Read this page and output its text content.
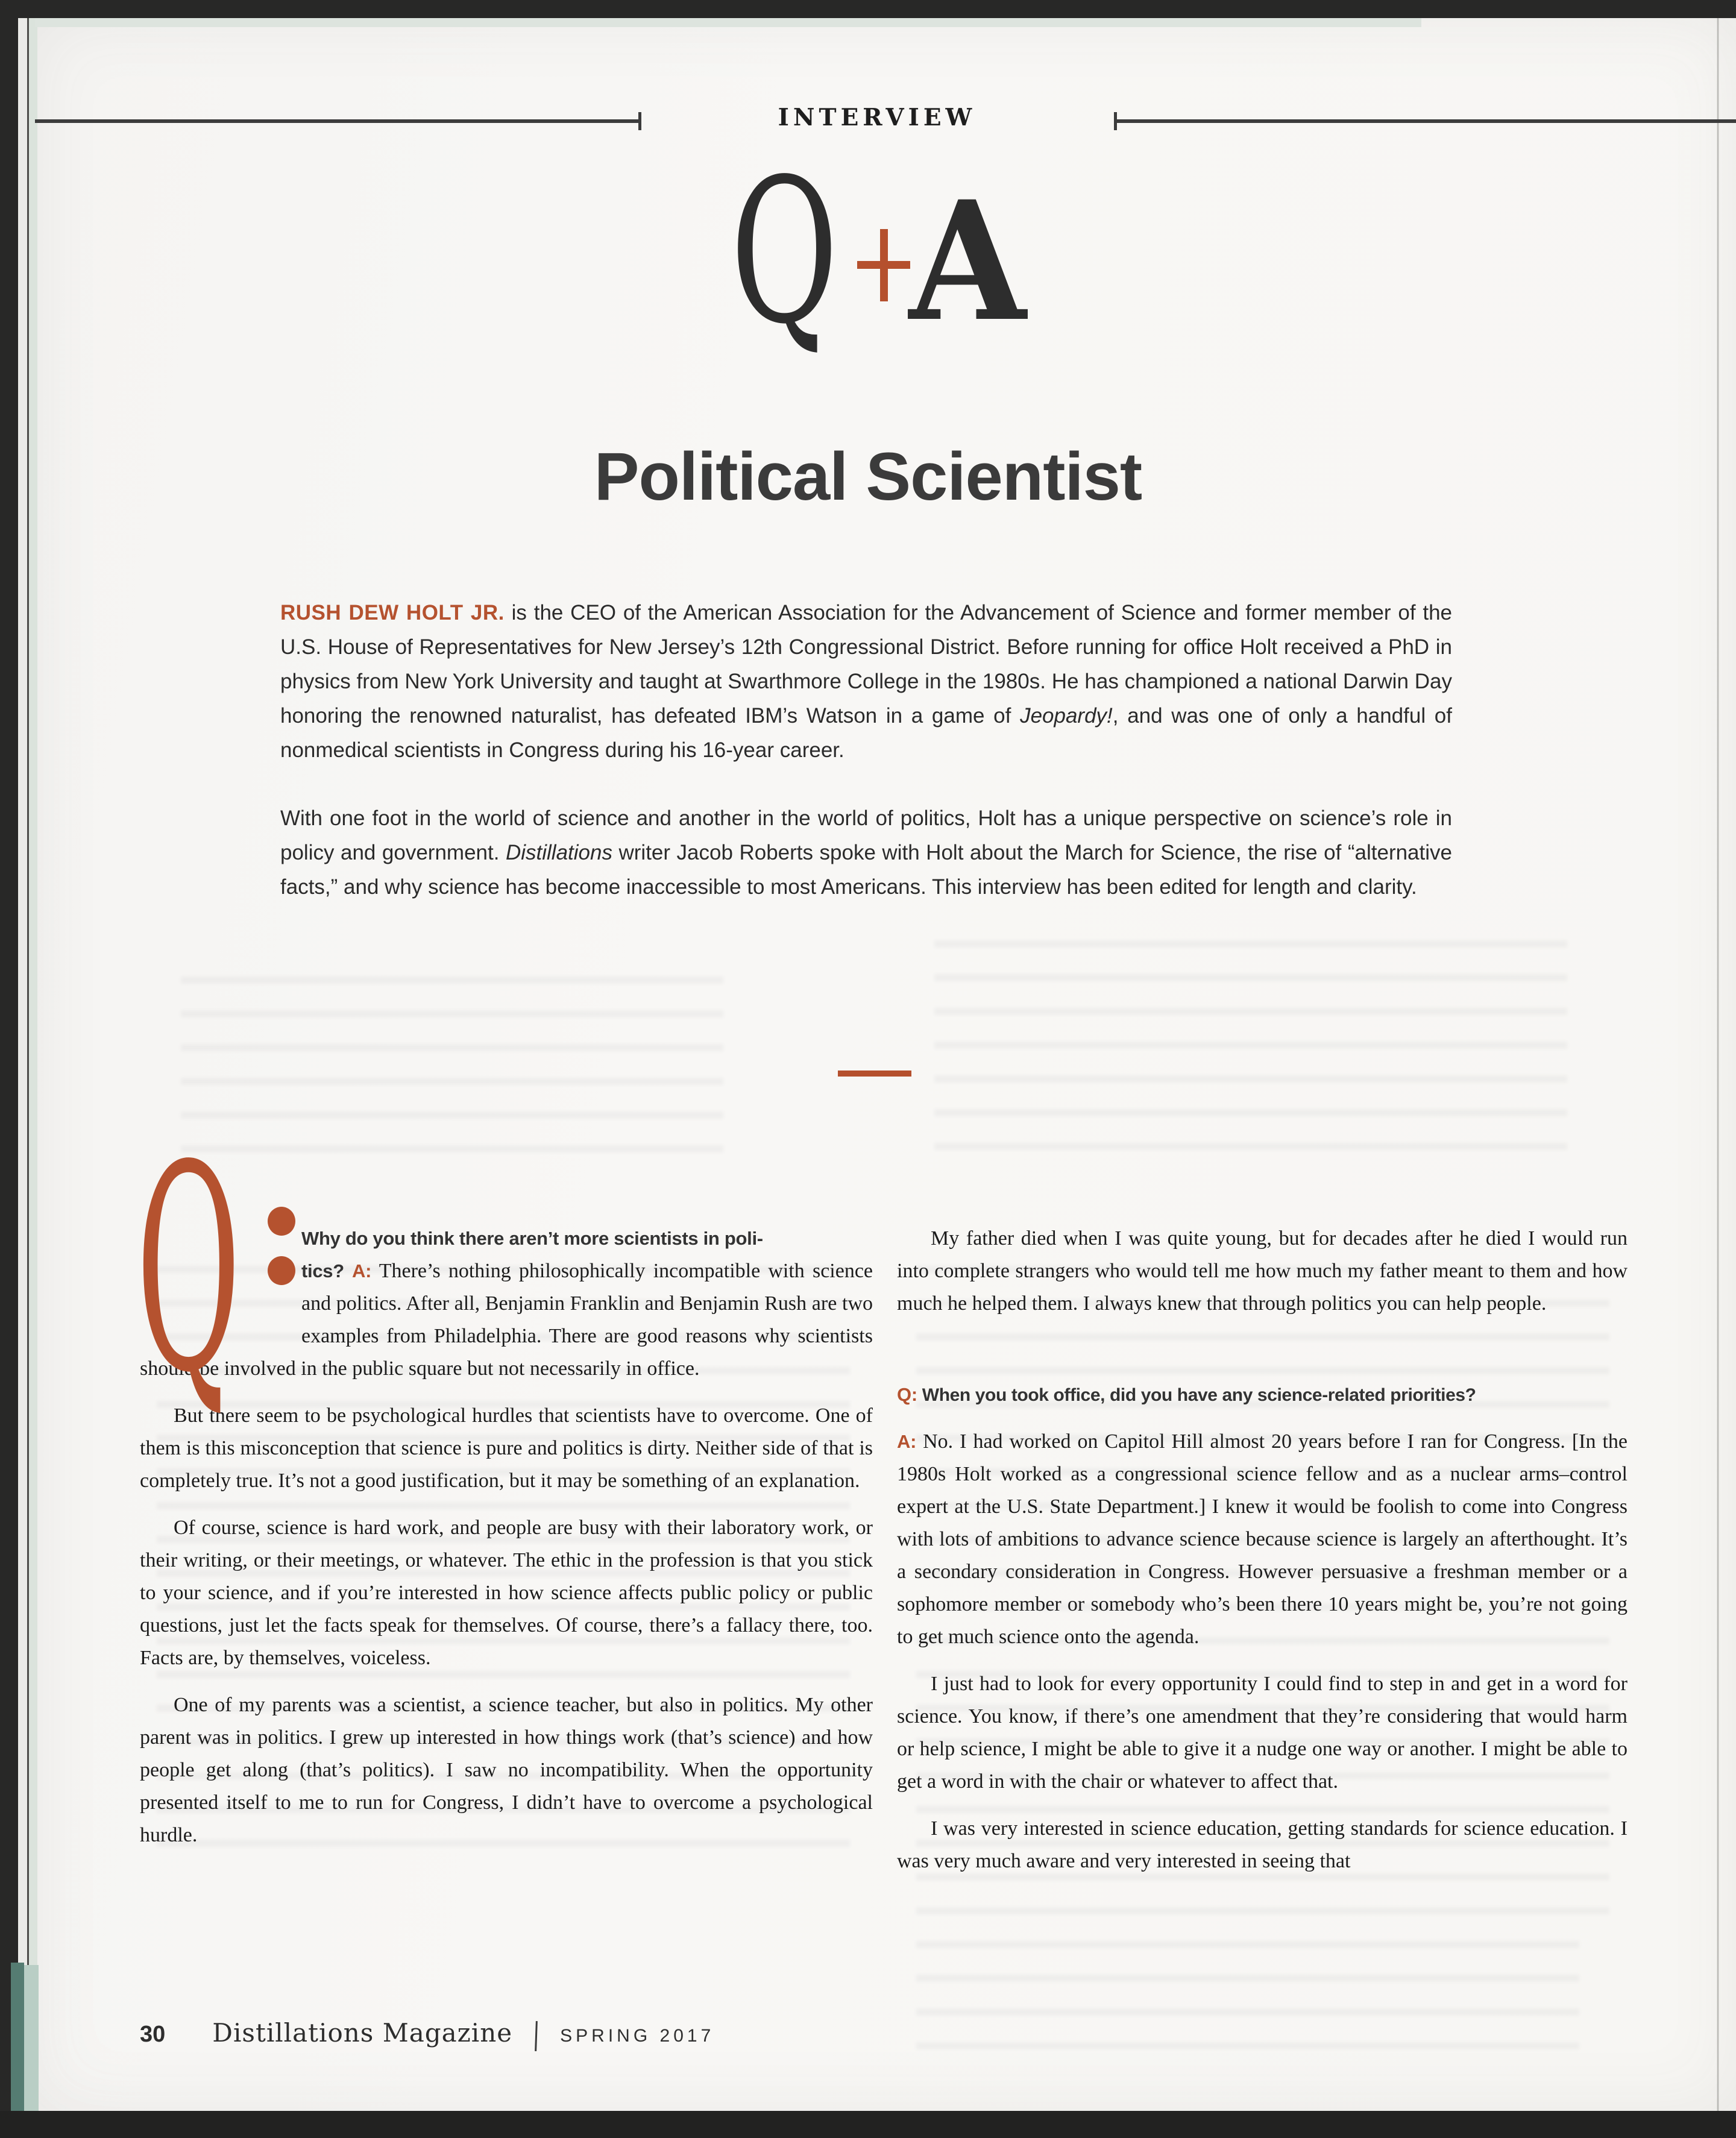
INTERVIEW
Q A
Political Scientist

RUSH DEW HOLT JR. is the CEO of the American Association for the Advancement of Science and former member of the U.S. House of Representatives for New Jersey’s 12th Congressional District. Before running for office Holt received a PhD in physics from New York University and taught at Swarthmore College in the 1980s. He has championed a national Darwin Day honoring the renowned naturalist, has defeated IBM’s Watson in a game of Jeopardy!, and was one of only a handful of nonmedical scientists in Congress during his 16-year career.

With one foot in the world of science and another in the world of politics, Holt has a unique perspective on science’s role in policy and government. Distillations writer Jacob Roberts spoke with Holt about the March for Science, the rise of “alternative facts,” and why science has become inaccessible to most Americans. This interview has been edited for length and clarity.

Q	Why do you think there aren’t more scientists in poli-
tics? A: There’s nothing philosophically incompatible with science and politics. After all, Benjamin Franklin and Benjamin Rush are two examples from Philadelphia. There are good reasons why scientists should be involved in the public square but not necessarily in office.

But there seem to be psychological hurdles that scientists have to overcome. One of them is this misconception that science is pure and politics is dirty. Neither side of that is completely true. It’s not a good justification, but it may be something of an explanation.

Of course, science is hard work, and people are busy with their laboratory work, or their writing, or their meetings, or whatever. The ethic in the profession is that you stick to your science, and if you’re interested in how science affects public policy or public questions, just let the facts speak for themselves. Of course, there’s a fallacy there, too. Facts are, by themselves, voiceless.

One of my parents was a scientist, a science teacher, but also in politics. My other parent was in politics. I grew up interested in how things work (that’s science) and how people get along (that’s politics). I saw no incompatibility. When the opportunity presented itself to me to run for Congress, I didn’t have to overcome a psychological hurdle.

My father died when I was quite young, but for decades after he died I would run into complete strangers who would tell me how much my father meant to them and how much he helped them. I always knew that through politics you can help people.

Q: When you took office, did you have any science-related priorities?

A: No. I had worked on Capitol Hill almost 20 years before I ran for Congress. [In the 1980s Holt worked as a congressional science fellow and as a nuclear arms–control expert at the U.S. State Department.] I knew it would be foolish to come into Congress with lots of ambitions to advance science because science is largely an afterthought. It’s a secondary consideration in Congress. However persuasive a freshman member or a sophomore member or somebody who’s been there 10 years might be, you’re not going to get much science onto the agenda.

I just had to look for every opportunity I could find to step in and get in a word for science. You know, if there’s one amendment that they’re considering that would harm or help science, I might be able to give it a nudge one way or another. I might be able to get a word in with the chair or whatever to affect that.

I was very interested in science education, getting standards for science education. I was very much aware and very interested in seeing that

30 Distillations Magazine	SPRING 2017
